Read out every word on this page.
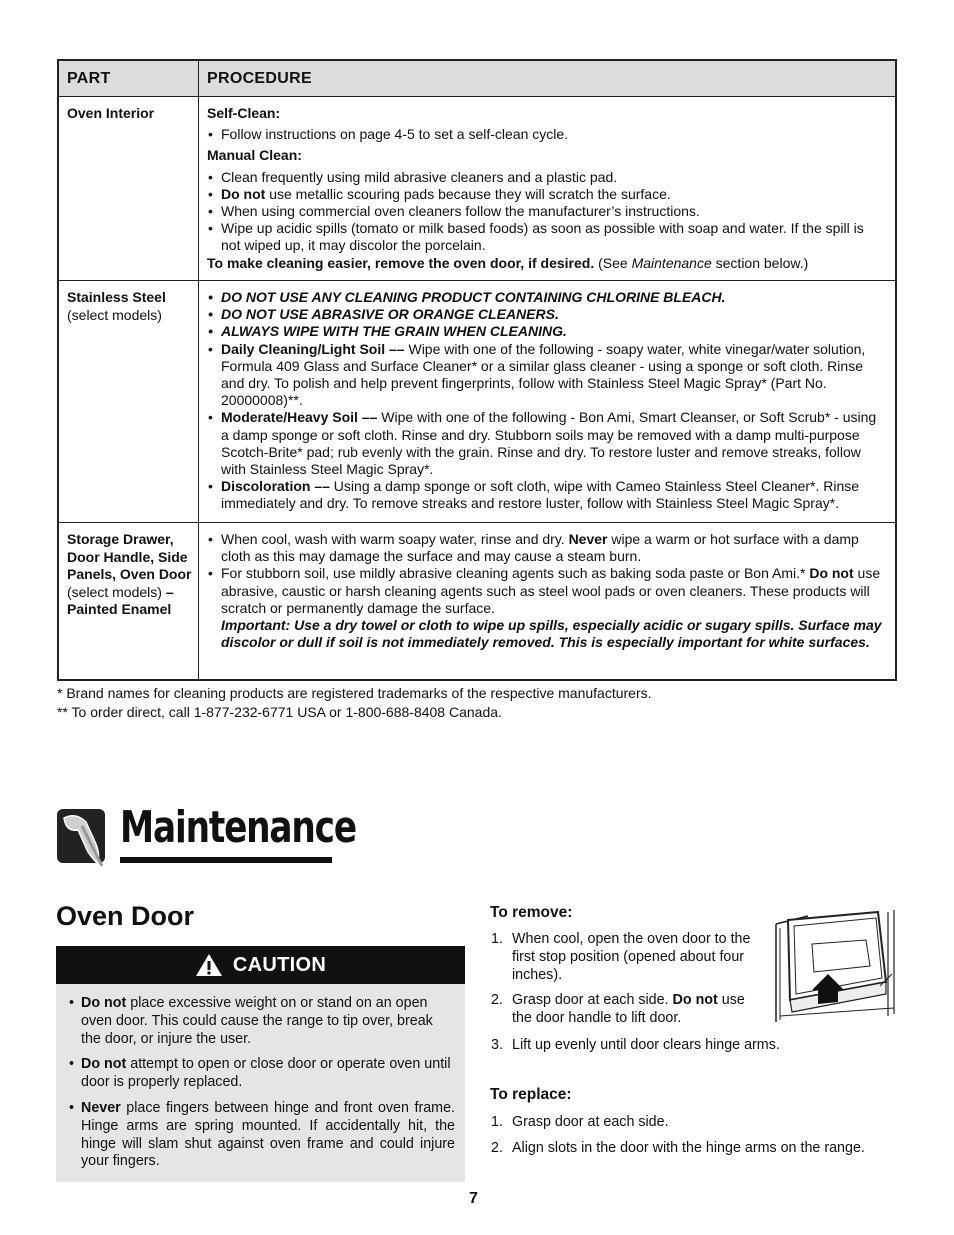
PART	PROCEDURE
Oven Interior	Self-Clean:

• Follow instructions on page 4-5 to set a self-clean cycle.

Manual Clean:

• Clean frequently using mild abrasive cleaners and a plastic pad.
• Do not use metallic scouring pads because they will scratch the surface.
• When using commercial oven cleaners follow the manufacturer’s instructions.
• Wipe up acidic spills (tomato or milk based foods) as soon as possible with soap and water. If the spill is not wiped up, it may discolor the porcelain.
To make cleaning easier, remove the oven door, if desired. (See Maintenance section below.)
Stainless Steel
(select models)
• DO NOT USE ANY CLEANING PRODUCT CONTAINING CHLORINE BLEACH.
• DO NOT USE ABRASIVE OR ORANGE CLEANERS.
• ALWAYS WIPE WITH THE GRAIN WHEN CLEANING.
• Daily Cleaning/Light Soil –– Wipe with one of the following - soapy water, white vinegar/water solution, Formula 409 Glass and Surface Cleaner* or a similar glass cleaner - using a sponge or soft cloth. Rinse and dry. To polish and help prevent fingerprints, follow with Stainless Steel Magic Spray* (Part No. 20000008)**.
• Moderate/Heavy Soil –– Wipe with one of the following - Bon Ami, Smart Cleanser, or Soft Scrub* - using a damp sponge or soft cloth. Rinse and dry. Stubborn soils may be removed with a damp multi-purpose Scotch-Brite* pad; rub evenly with the grain. Rinse and dry. To restore luster and remove streaks, follow with Stainless Steel Magic Spray*.
• Discoloration –– Using a damp sponge or soft cloth, wipe with Cameo Stainless Steel Cleaner*. Rinse immediately and dry. To remove streaks and restore luster, follow with Stainless Steel Magic Spray*.
Storage Drawer, Door Handle, Side Panels, Oven Door (select models) – Painted Enamel
• When cool, wash with warm soapy water, rinse and dry. Never wipe a warm or hot surface with a damp cloth as this may damage the surface and may cause a steam burn.
• For stubborn soil, use mildly abrasive cleaning agents such as baking soda paste or Bon Ami.* Do not use abrasive, caustic or harsh cleaning agents such as steel wool pads or oven cleaners. These products will scratch or permanently damage the surface.
Important: Use a dry towel or cloth to wipe up spills, especially acidic or sugary spills. Surface may discolor or dull if soil is not immediately removed. This is especially important for white surfaces.
* Brand names for cleaning products are registered trademarks of the respective manufacturers.
** To order direct, call 1-877-232-6771 USA or 1-800-688-8408 Canada.
Maintenance
Oven Door
CAUTION
• Do not place excessive weight on or stand on an open oven door. This could cause the range to tip over, break the door, or injure the user.
• Do not attempt to open or close door or operate oven until door is properly replaced.
• Never place fingers between hinge and front oven frame. Hinge arms are spring mounted. If accidentally hit, the hinge will slam shut against oven frame and could injure your fingers.
To remove:
1. When cool, open the oven door to the first stop position (opened about four inches).
2. Grasp door at each side. Do not use the door handle to lift door.
3. Lift up evenly until door clears hinge arms.
To replace:
1. Grasp door at each side.
2. Align slots in the door with the hinge arms on the range.
7
